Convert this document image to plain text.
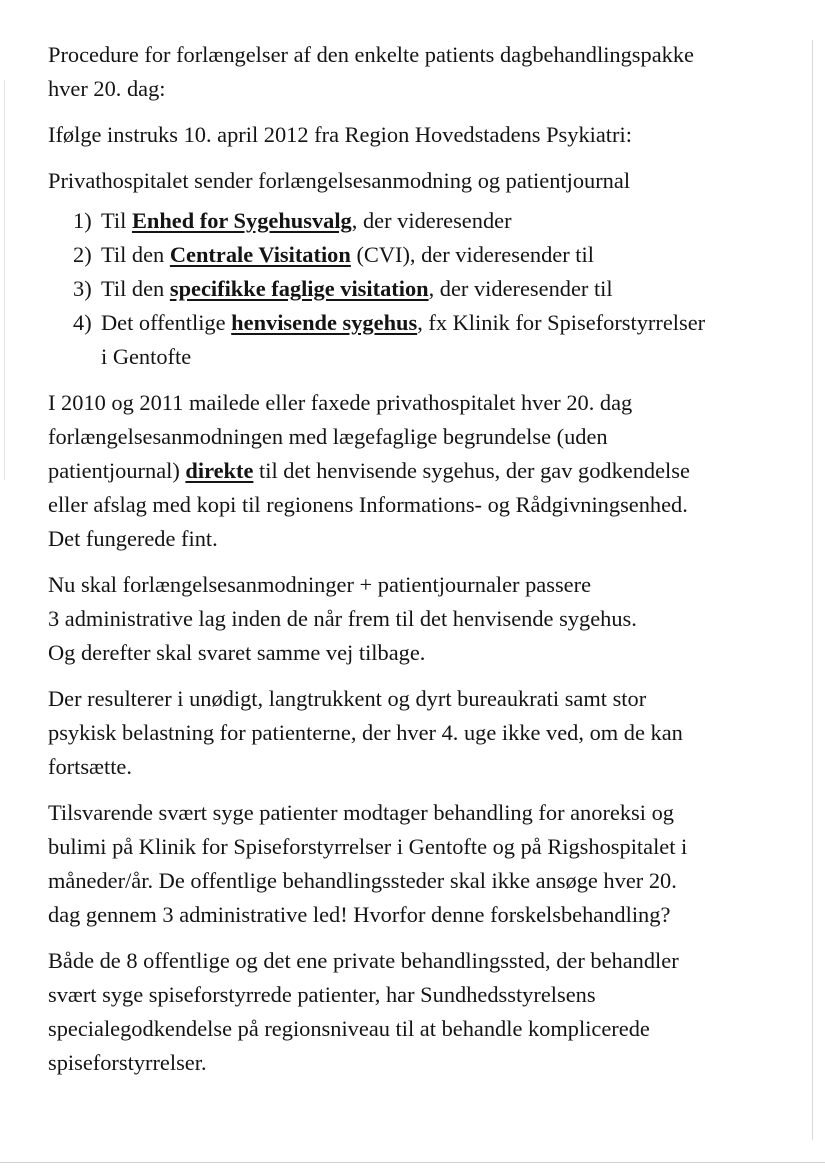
Procedure for forlængelser af den enkelte patients dagbehandlingspakke
hver 20. dag:

Ifølge instruks 10. april 2012 fra Region Hovedstadens Psykiatri:

Privathospitalet sender forlængelsesanmodning og patientjournal

1) Til Enhed for Sygehusvalg, der videresender
2) Til den Centrale Visitation (CVI), der videresender til
3) Til den specifikke faglige visitation, der videresender til
4) Det offentlige henvisende sygehus, fx Klinik for Spiseforstyrrelser
i Gentofte

I 2010 og 2011 mailede eller faxede privathospitalet hver 20. dag
forlængelsesanmodningen med lægefaglige begrundelse (uden
patientjournal) direkte til det henvisende sygehus, der gav godkendelse
eller afslag med kopi til regionens Informations- og Rådgivningsenhed.
Det fungerede fint.

Nu skal forlængelsesanmodninger + patientjournaler passere
3 administrative lag inden de når frem til det henvisende sygehus.
Og derefter skal svaret samme vej tilbage.

Der resulterer i unødigt, langtrukkent og dyrt bureaukrati samt stor
psykisk belastning for patienterne, der hver 4. uge ikke ved, om de kan
fortsætte.

Tilsvarende svært syge patienter modtager behandling for anoreksi og
bulimi på Klinik for Spiseforstyrrelser i Gentofte og på Rigshospitalet i
måneder/år. De offentlige behandlingssteder skal ikke ansøge hver 20.
dag gennem 3 administrative led! Hvorfor denne forskelsbehandling?

Både de 8 offentlige og det ene private behandlingssted, der behandler
svært syge spiseforstyrrede patienter, har Sundhedsstyrelsens
specialegodkendelse på regionsniveau til at behandle komplicerede
spiseforstyrrelser.
